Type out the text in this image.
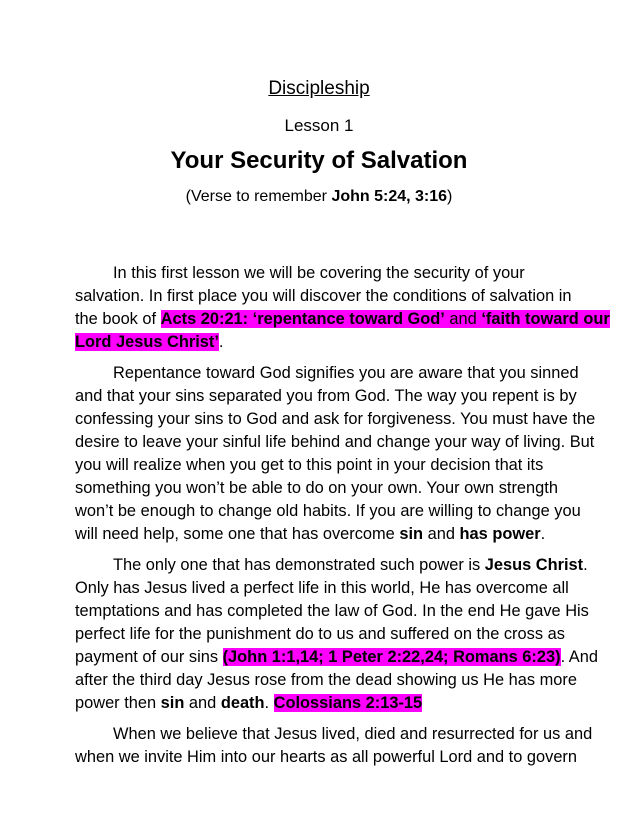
Discipleship
Lesson 1
Your Security of Salvation
(Verse to remember John 5:24, 3:16)
In this first lesson we will be covering the security of your
salvation. In first place you will discover the conditions of salvation in
the book of Acts 20:21: ‘repentance toward God’ and ‘faith toward our
Lord Jesus Christ’.
Repentance toward God signifies you are aware that you sinned
and that your sins separated you from God. The way you repent is by
confessing your sins to God and ask for forgiveness. You must have the
desire to leave your sinful life behind and change your way of living. But
you will realize when you get to this point in your decision that its
something you won’t be able to do on your own. Your own strength
won’t be enough to change old habits. If you are willing to change you
will need help, some one that has overcome sin and has power.
The only one that has demonstrated such power is Jesus Christ.
Only has Jesus lived a perfect life in this world, He has overcome all
temptations and has completed the law of God. In the end He gave His
perfect life for the punishment do to us and suffered on the cross as
payment of our sins (John 1:1,14; 1 Peter 2:22,24; Romans 6:23). And
after the third day Jesus rose from the dead showing us He has more
power then sin and death. Colossians 2:13-15
When we believe that Jesus lived, died and resurrected for us and
when we invite Him into our hearts as all powerful Lord and to govern
